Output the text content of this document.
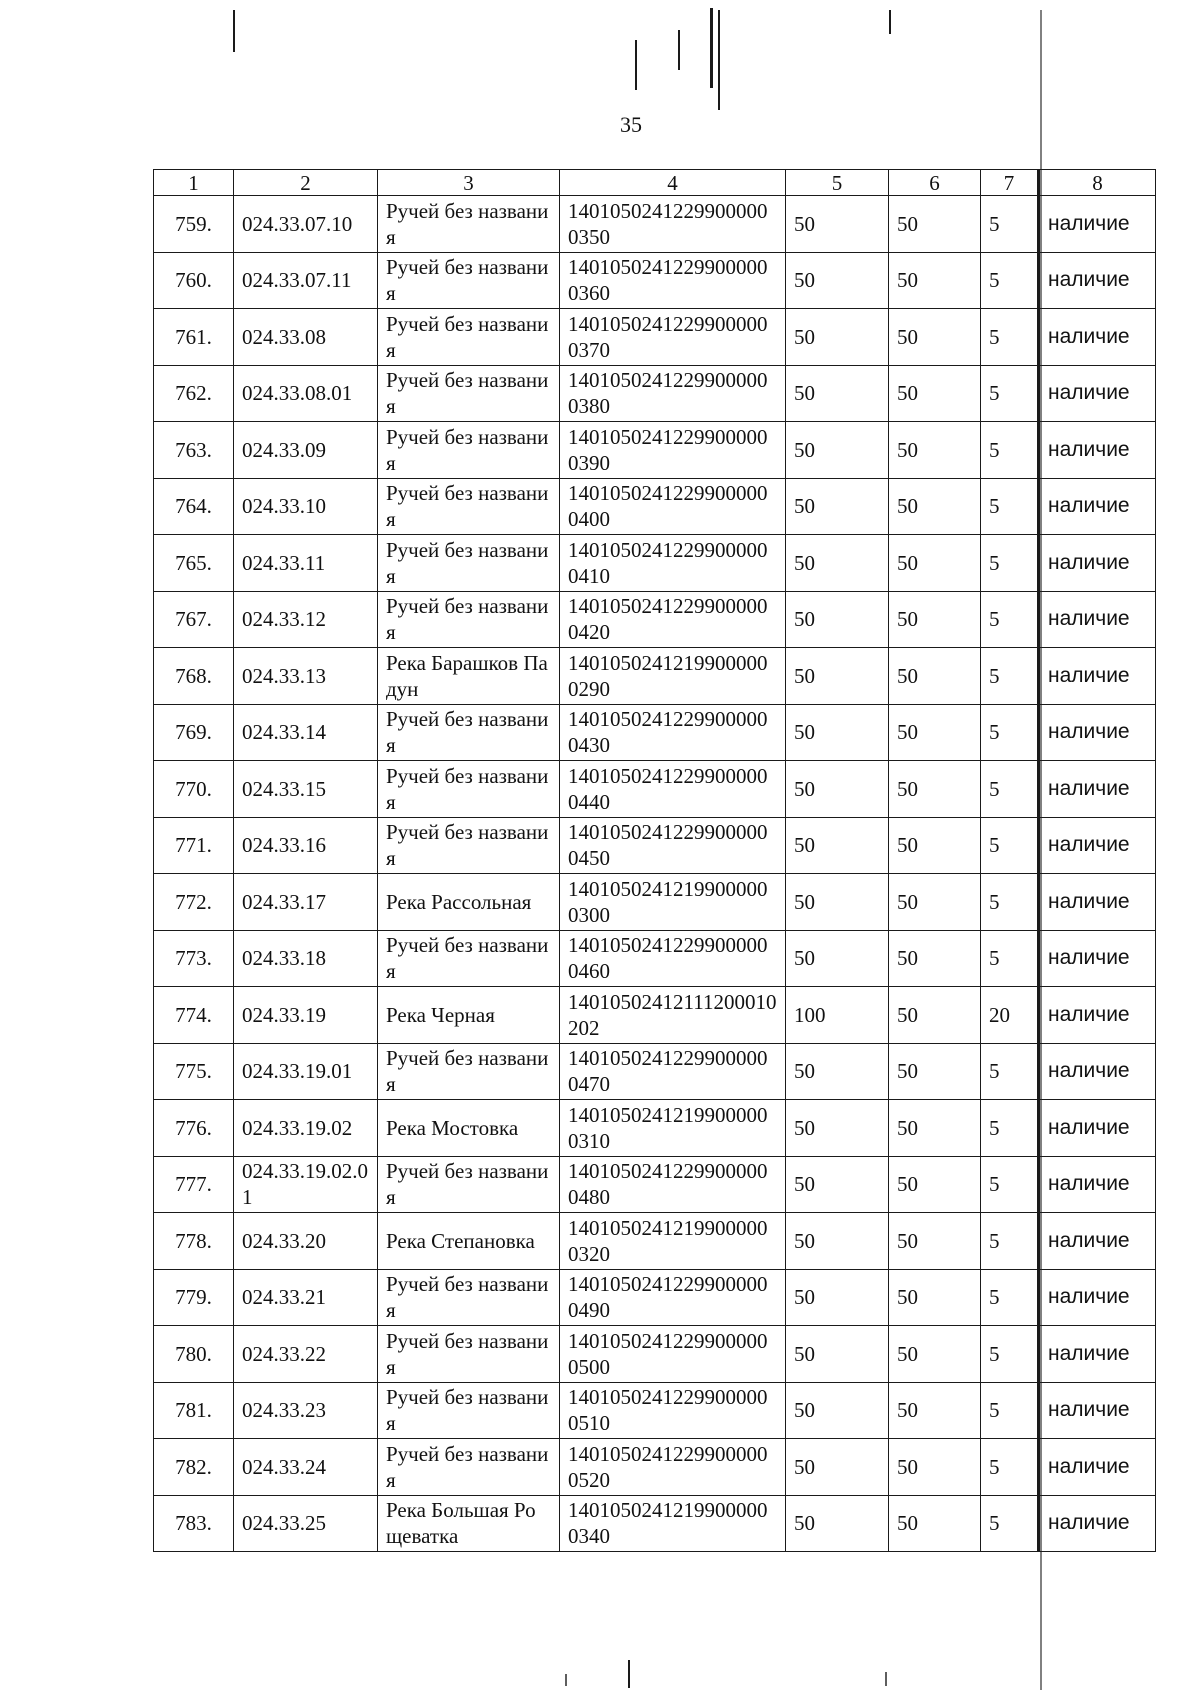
35
1	2	3	4	5	6	7	8

759.	024.33.07.10	Ручей без названия	14010502412299000000350	50	50	5	наличие

760.	024.33.07.11	Ручей без названия	14010502412299000000360	50	50	5	наличие

761.	024.33.08	Ручей без названия	14010502412299000000370	50	50	5	наличие

762.	024.33.08.01	Ручей без названия	14010502412299000000380	50	50	5	наличие

763.	024.33.09	Ручей без названия	14010502412299000000390	50	50	5	наличие

764.	024.33.10	Ручей без названия	14010502412299000000400	50	50	5	наличие

765.	024.33.11	Ручей без названия	14010502412299000000410	50	50	5	наличие

767.	024.33.12	Ручей без названия	14010502412299000000420	50	50	5	наличие

768.	024.33.13	Река Барашков Падун	14010502412199000000290	50	50	5	наличие

769.	024.33.14	Ручей без названия	14010502412299000000430	50	50	5	наличие

770.	024.33.15	Ручей без названия	14010502412299000000440	50	50	5	наличие

771.	024.33.16	Ручей без названия	14010502412299000000450	50	50	5	наличие

772.	024.33.17	Река Рассольная	14010502412199000000300	50	50	5	наличие

773.	024.33.18	Ручей без названия	14010502412299000000460	50	50	5	наличие

774.	024.33.19	Река Черная	14010502412111200010202	100	50	20	наличие

775.	024.33.19.01	Ручей без названия	14010502412299000000470	50	50	5	наличие

776.	024.33.19.02	Река Мостовка	14010502412199000000310	50	50	5	наличие

777.	024.33.19.02.01	Ручей без названия	14010502412299000000480	50	50	5	наличие

778.	024.33.20	Река Степановка	14010502412199000000320	50	50	5	наличие

779.	024.33.21	Ручей без названия	14010502412299000000490	50	50	5	наличие

780.	024.33.22	Ручей без названия	14010502412299000000500	50	50	5	наличие

781.	024.33.23	Ручей без названия	14010502412299000000510	50	50	5	наличие

782.	024.33.24	Ручей без названия	14010502412299000000520	50	50	5	наличие

783.	024.33.25	Река Большая Рощеватка	14010502412199000000340	50	50	5	наличие
